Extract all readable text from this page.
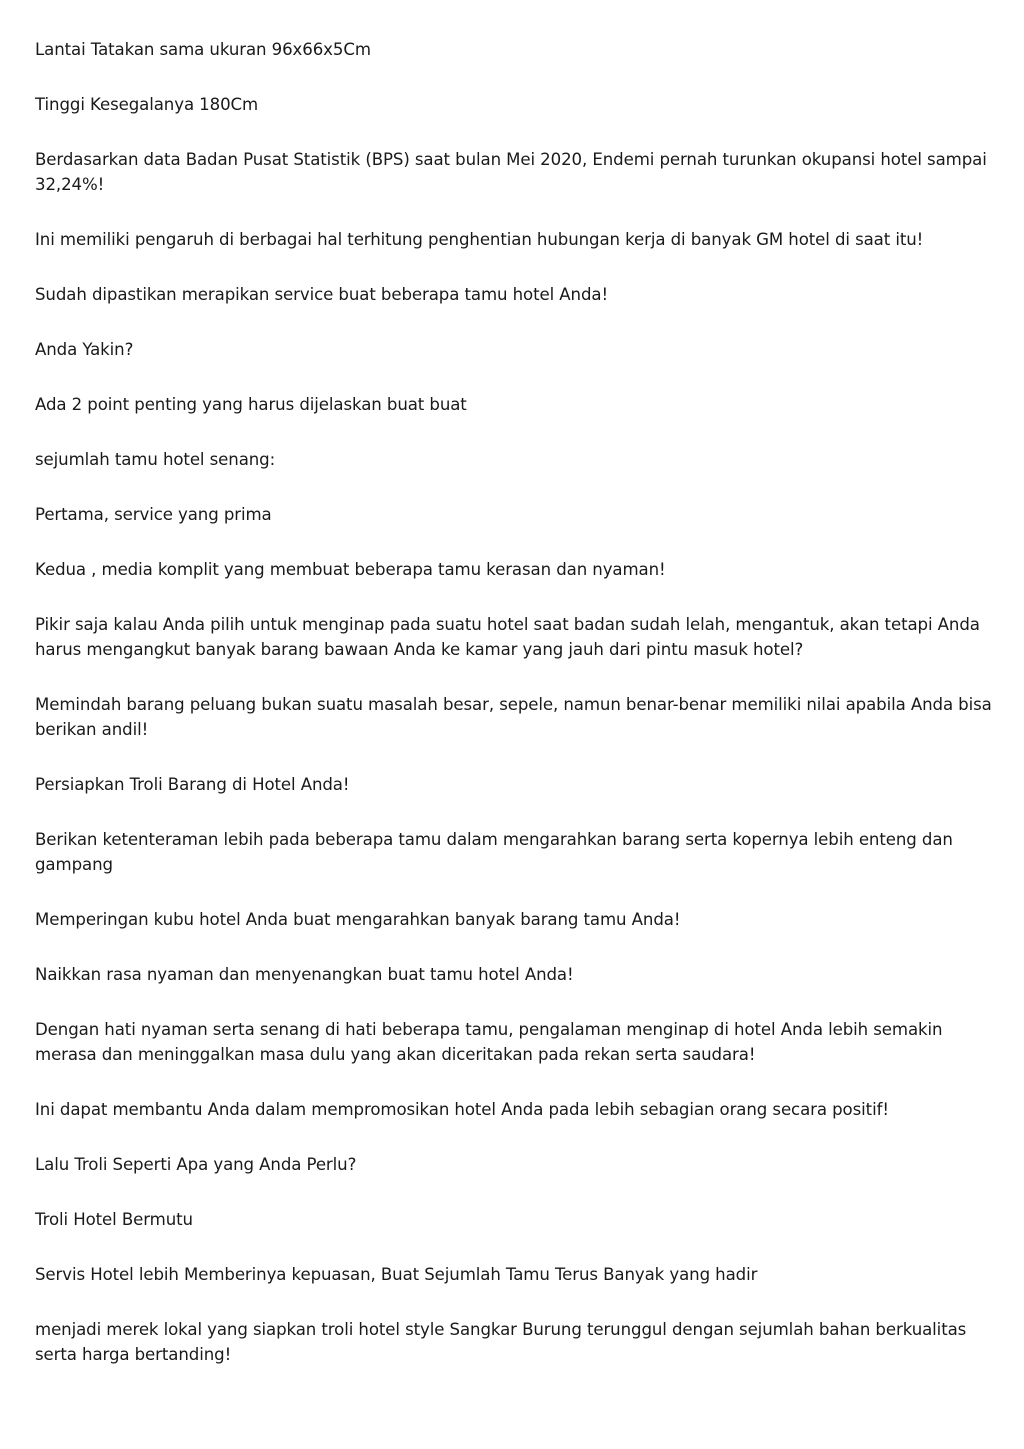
Lantai Tatakan sama ukuran 96x66x5Cm

Tinggi Kesegalanya 180Cm

Berdasarkan data Badan Pusat Statistik (BPS) saat bulan Mei 2020, Endemi pernah turunkan okupansi hotel sampai 32,24%!

Ini memiliki pengaruh di berbagai hal terhitung penghentian hubungan kerja di banyak GM hotel di saat itu!

Sudah dipastikan merapikan service buat beberapa tamu hotel Anda!

Anda Yakin?

Ada 2 point penting yang harus dijelaskan buat buat

sejumlah tamu hotel senang:

Pertama, service yang prima

Kedua , media komplit yang membuat beberapa tamu kerasan dan nyaman!

Pikir saja kalau Anda pilih untuk menginap pada suatu hotel saat badan sudah lelah, mengantuk, akan tetapi Anda harus mengangkut banyak barang bawaan Anda ke kamar yang jauh dari pintu masuk hotel?

Memindah barang peluang bukan suatu masalah besar, sepele, namun benar-benar memiliki nilai apabila Anda bisa berikan andil!

Persiapkan Troli Barang di Hotel Anda!

Berikan ketenteraman lebih pada beberapa tamu dalam mengarahkan barang serta kopernya lebih enteng dan gampang

Memperingan kubu hotel Anda buat mengarahkan banyak barang tamu Anda!

Naikkan rasa nyaman dan menyenangkan buat tamu hotel Anda!

Dengan hati nyaman serta senang di hati beberapa tamu, pengalaman menginap di hotel Anda lebih semakin merasa dan meninggalkan masa dulu yang akan diceritakan pada rekan serta saudara!

Ini dapat membantu Anda dalam mempromosikan hotel Anda pada lebih sebagian orang secara positif!

Lalu Troli Seperti Apa yang Anda Perlu?

Troli Hotel Bermutu

Servis Hotel lebih Memberinya kepuasan, Buat Sejumlah Tamu Terus Banyak yang hadir

menjadi merek lokal yang siapkan troli hotel style Sangkar Burung terunggul dengan sejumlah bahan berkualitas serta harga bertanding!
